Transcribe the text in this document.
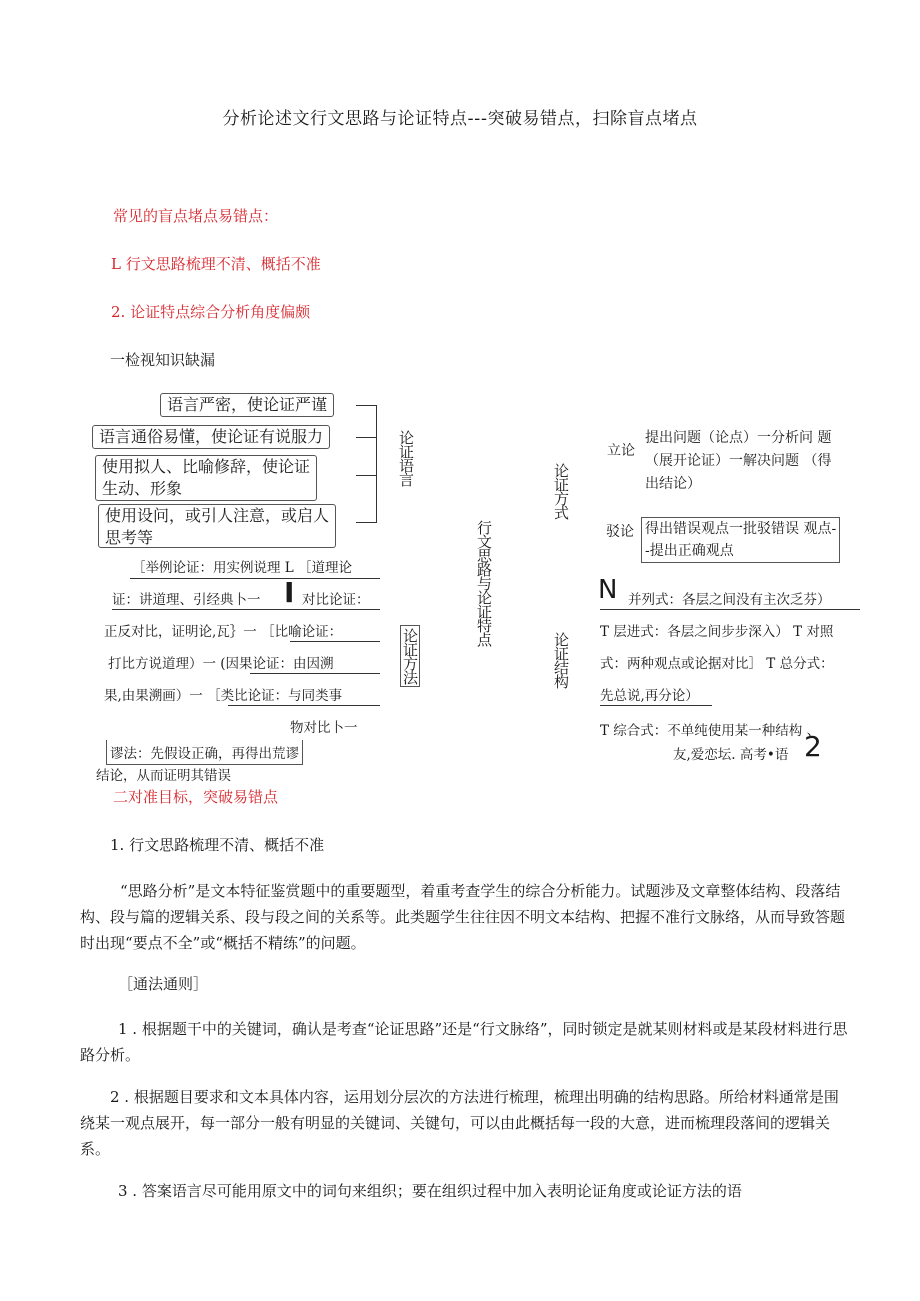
分析论述文行文思路与论证特点---突破易错点，扫除盲点堵点
常见的盲点堵点易错点：
L 行文思路梳理不清、概括不准
2. 论证特点综合分析角度偏颇
一检视知识缺漏
语言严密，使论证严谨
语言通俗易懂，使论证有说服力
使用拟人、比喻修辞，使论证
生动、形象
使用设问，或引人注意，或启人
思考等
论证语言
行文思路与论证特点
论证方式
论证结构
论证方法
立论
提出问题（论点）一分析问 题
（展开论证）一解决问题 （得
出结论）
驳论 得出错误观点一批驳错误 观点-
-提出正确观点
［举例论证：用实例说理 L ［道理论
证：讲道理、引经典卜一 I 对比论证：
正反对比，证明论,瓦｝一 ［比喻论证：
打比方说道理）一 (因果论证：由因溯
果,由果溯画）一 ［类比论证：与同类事
物对比卜一
谬法：先假设正确，再得出荒谬
结论，从而证明其错误
N 并列式：各层之间没有主次乏芬）
T 层进式：各层之间步步深入） T 对照
式：两种观点或论据对比］ T 总分式：
先总说,再分论）
T 综合式：不单纯使用某一种结构 、
友,爱恋坛. 高考•语 2
二对准目标，突破易错点
1. 行文思路梳理不清、概括不准
“思路分析”是文本特征鉴赏题中的重要题型，着重考查学生的综合分析能力。试题涉及文章整体结构、段落结构、段与篇的逻辑关系、段与段之间的关系等。此类题学生往往因不明文本结构、把握不准行文脉络，从而导致答题时出现“要点不全”或“概括不精练”的问题。
［通法通则］
1 . 根据题干中的关键词，确认是考查“论证思路”还是“行文脉络”，同时锁定是就某则材料或是某段材料进行思路分析。
2 . 根据题目要求和文本具体内容，运用划分层次的方法进行梳理，梳理出明确的结构思路。所给材料通常是围绕某一观点展开，每一部分一般有明显的关键词、关键句，可以由此概括每一段的大意，进而梳理段落间的逻辑关系。
3 . 答案语言尽可能用原文中的词句来组织；要在组织过程中加入表明论证角度或论证方法的语
